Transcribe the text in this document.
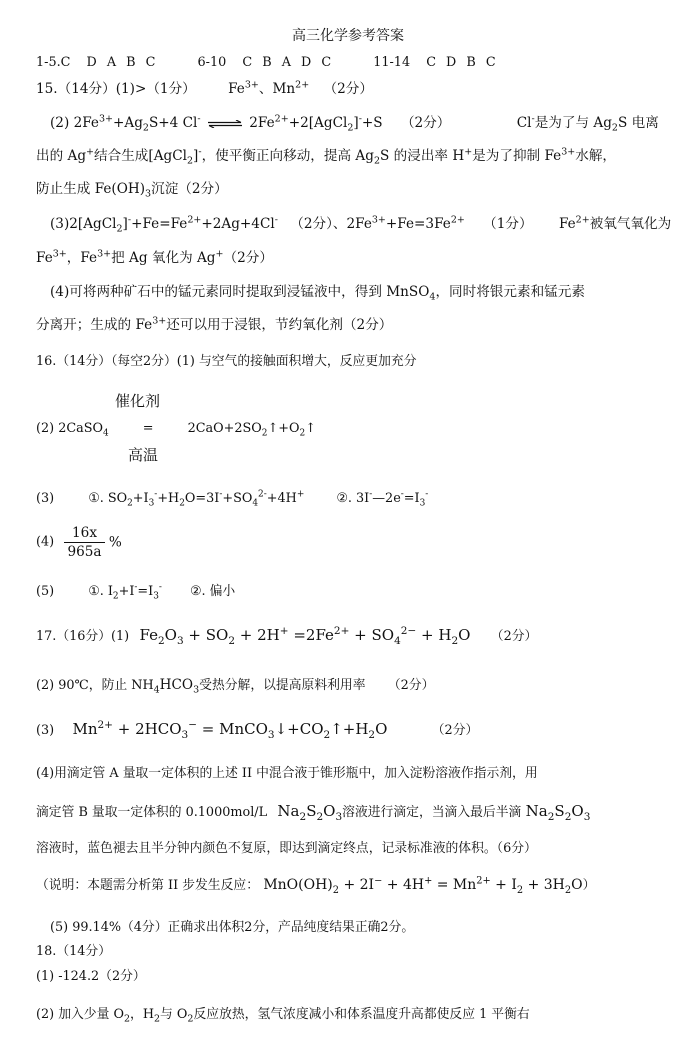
高三化学参考答案
1-5.C D A B C	6-10 C B A D C	11-14 C D B C
15.（14分）(1)>（1分） $Fe^{3+}$、$Mn^{2+}$ （2分）
(2) $2Fe^{3+}+Ag_2S+4$ Cl- ⇌ $2Fe^{2+}+2[AgCl_2]^-+S$ （2分）	Cl-是为了与 $Ag_2S$ 电离
出的 Ag+结合生成[AgCl$_2$]-，使平衡正向移动，提高 $Ag_2S$ 的浸出率 H+是为了抑制 $Fe^{3+}$水解，
防止生成 $Fe(OH)_3$沉淀（2分）
$(3)2[AgCl_2]^-+Fe=Fe^{2+}+2Ag+4Cl^-$ （2分）、$2Fe^{3+}+Fe=3Fe^{2+}$ （1分） $Fe^{2+}$被氧气氧化为
$Fe^{3+}$，$Fe^{3+}$把 Ag 氧化为 Ag+（2分）
(4)可将两种矿石中的锰元素同时提取到浸锰液中，得到 MnSO$_4$，同时将银元素和锰元素
分离开；生成的 $Fe^{3+}$还可以用于浸银，节约氧化剂（2分）
16.（14分）（每空2分）(1) 与空气的接触面积增大，反应更加充分
催化剂
(2) 2CaSO$_4$	=	$2CaO+2SO_2↑+O_2↑$
高温
(3)	①. $SO_2+I_3^-+H_2O=3I^-+SO_4^{2-}+4H^+$	②. $3I^-—2e^-=I_3^-$
$(4) \frac{16x}{965a}$ %
(5)	①. $I_2+I^-=I_3^-$ ②. 偏小
17.（16分）(1) $Fe_2O_3 + SO_2 + 2H^+ =2Fe^{2+} + SO_4^{2-} + H_2O$ （2分）
(2) 90℃，防止 $NH_4HCO_3$受热分解，以提高原料利用率 （2分）
(3) $Mn^{2+} + 2HCO_3^-$ = $MnCO_3↓+CO_2↑+H_2O$	（2分）
(4)用滴定管 A 量取一定体积的上述 II 中混合液于锥形瓶中，加入淀粉溶液作指示剂，用
滴定管 B 量取一定体积的 0.1000mol/L $Na_2S_2O_3$溶液进行滴定，当滴入最后半滴 $Na_2S_2O_3$
溶液时，蓝色褪去且半分钟内颜色不复原，即达到滴定终点，记录标准液的体积。（6分）
（说明：本题需分析第 II 步发生反应： $MnO(OH)_2 + 2I^- + 4H^+ = Mn^{2+} + I_2 + 3H_2O$）
(5) 99.14%（4分）正确求出体积2分，产品纯度结果正确2分。
18.（14分）
(1) -124.2（2分）
(2) 加入少量 $O_2$，$H_2$与 $O_2$反应放热，氢气浓度减小和体系温度升高都使反应 1 平衡右
